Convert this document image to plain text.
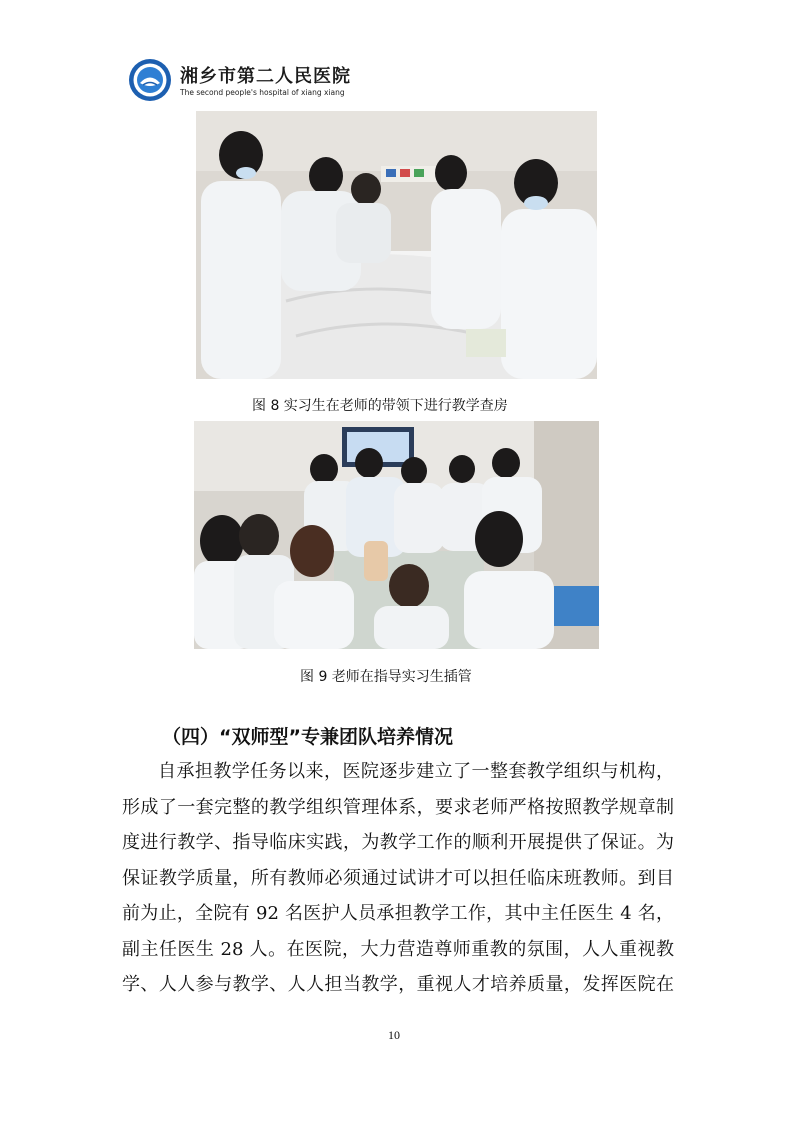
湘乡市第二人民医院
The second people's hospital of xiang xiang
图 8 实习生在老师的带领下进行教学查房
图 9 老师在指导实习生插管
（四）“双师型”专兼团队培养情况
自承担教学任务以来，医院逐步建立了一整套教学组织与机构，
形成了一套完整的教学组织管理体系，要求老师严格按照教学规章制
度进行教学、指导临床实践，为教学工作的顺利开展提供了保证。为
保证教学质量，所有教师必须通过试讲才可以担任临床班教师。到目
前为止，全院有 92 名医护人员承担教学工作，其中主任医生 4 名，
副主任医生 28 人。在医院，大力营造尊师重教的氛围，人人重视教
学、人人参与教学、人人担当教学，重视人才培养质量，发挥医院在
10
